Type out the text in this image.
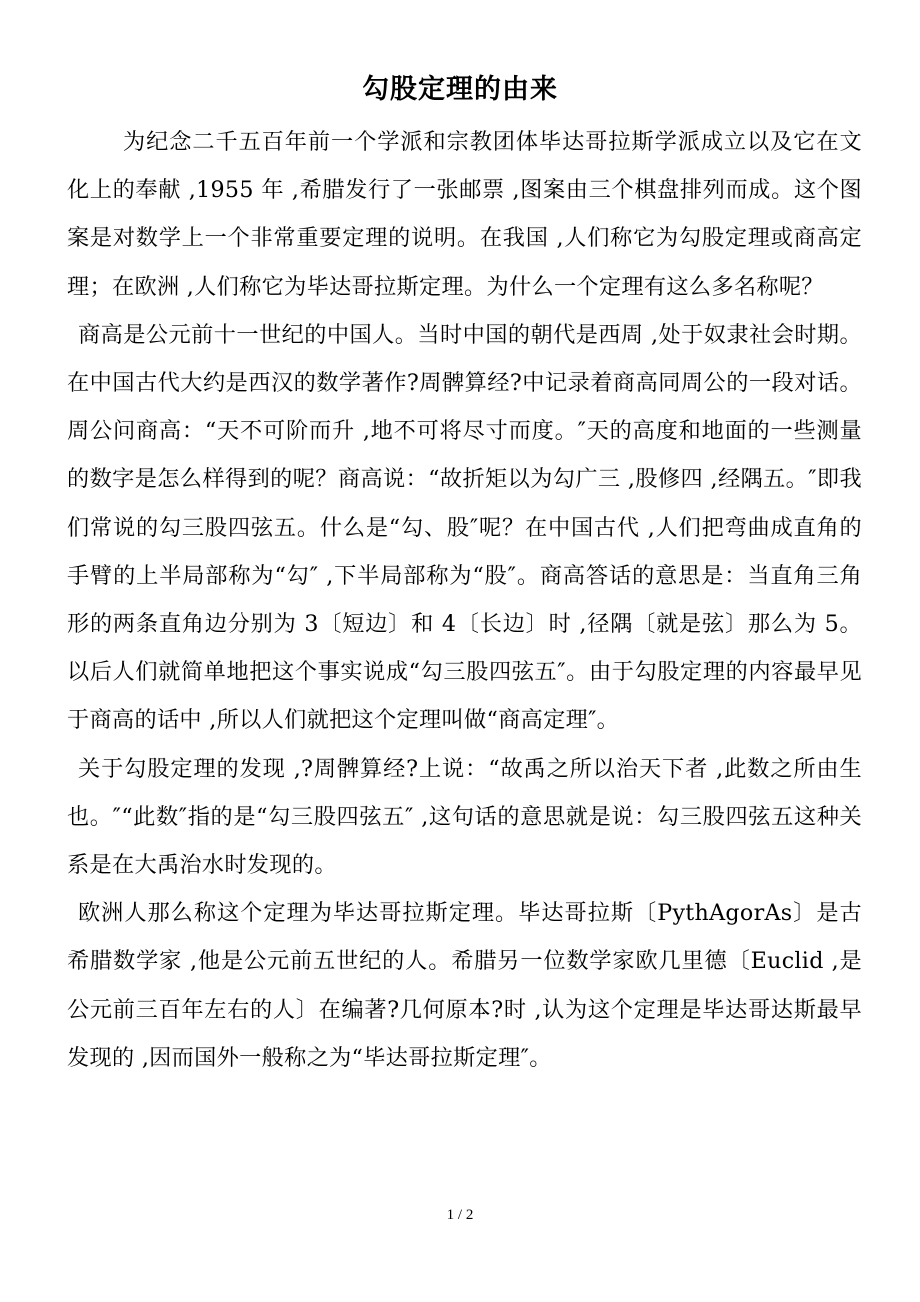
勾股定理的由来

为纪念二千五百年前一个学派和宗教团体毕达哥拉斯学派成立以及它在文化上的奉献 ,1955 年 ,希腊发行了一张邮票 ,图案由三个棋盘排列而成。这个图案是对数学上一个非常重要定理的说明。在我国 ,人们称它为勾股定理或商高定理；在欧洲 ,人们称它为毕达哥拉斯定理。为什么一个定理有这么多名称呢？

商高是公元前十一世纪的中国人。当时中国的朝代是西周 ,处于奴隶社会时期。在中国古代大约是西汉的数学著作?周髀算经?中记录着商高同周公的一段对话。周公问商高：“天不可阶而升 ,地不可将尽寸而度。″天的高度和地面的一些测量的数字是怎么样得到的呢？商高说：“故折矩以为勾广三 ,股修四 ,经隅五。″即我们常说的勾三股四弦五。什么是“勾、股″呢？在中国古代 ,人们把弯曲成直角的手臂的上半局部称为“勾″ ,下半局部称为“股″。商高答话的意思是：当直角三角形的两条直角边分别为 3〔短边〕和 4〔长边〕时 ,径隅〔就是弦〕那么为 5。以后人们就简单地把这个事实说成“勾三股四弦五″。由于勾股定理的内容最早见于商高的话中 ,所以人们就把这个定理叫做“商高定理″。

关于勾股定理的发现 ,?周髀算经?上说：“故禹之所以治天下者 ,此数之所由生也。″“此数″指的是“勾三股四弦五″ ,这句话的意思就是说：勾三股四弦五这种关系是在大禹治水时发现的。

欧洲人那么称这个定理为毕达哥拉斯定理。毕达哥拉斯〔PythAgorAs〕是古希腊数学家 ,他是公元前五世纪的人。希腊另一位数学家欧几里德〔Euclid ,是公元前三百年左右的人〕在编著?几何原本?时 ,认为这个定理是毕达哥达斯最早发现的 ,因而国外一般称之为“毕达哥拉斯定理″。

1 / 2
